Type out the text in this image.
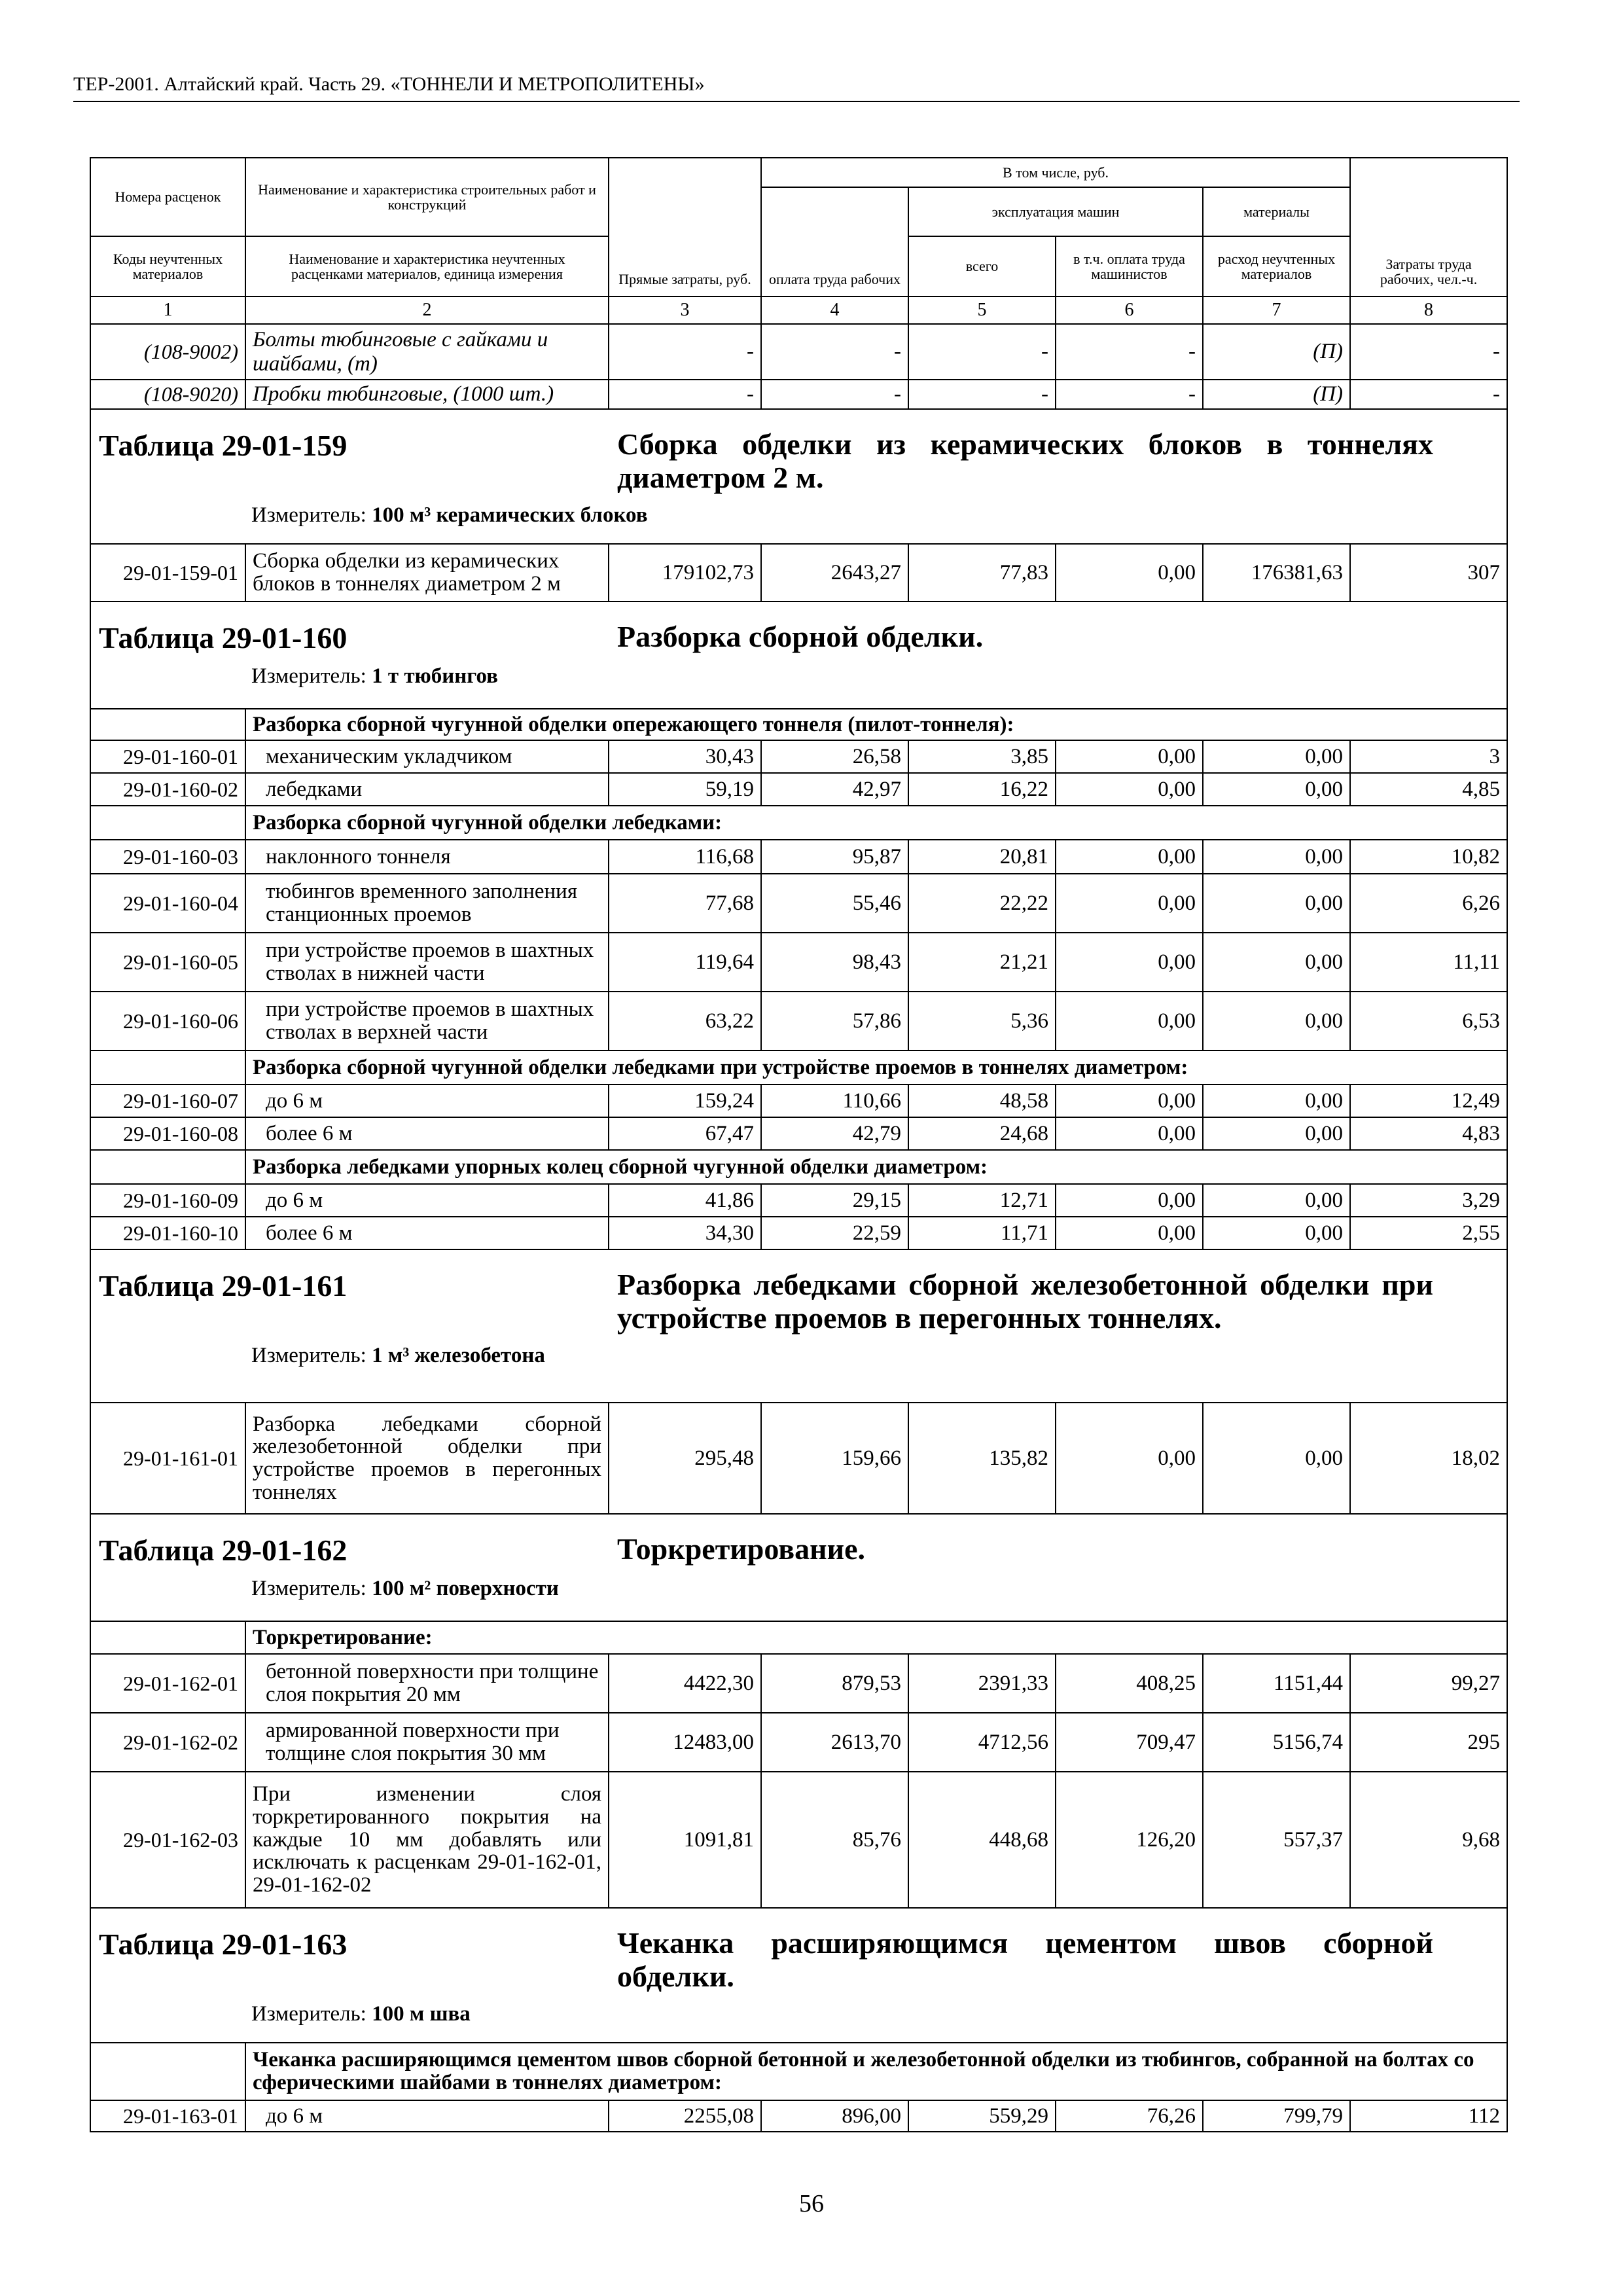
ТЕР-2001. Алтайский край. Часть 29. «ТОННЕЛИ И МЕТРОПОЛИТЕНЫ»
Номера расценок	Наименование и характеристика строительных работ и конструкций	Прямые затраты, руб.	В том числе, руб.				Затраты труда рабочих, чел.-ч.
			оплата труда рабочих	эксплуатация машин		материалы	
Коды неучтенных материалов	Наименование и характеристика неучтенных расценками материалов, единица измерения			всего	в т.ч. оплата труда машинистов	расход неучтенных материалов	
1	2	3	4	5	6	7	8
(108-9002)	Болты тюбинговые с гайками и шайбами, (т)	-	-	-	-	(П)	-
(108-9020)	Пробки тюбинговые, (1000 шт.)	-	-	-	-	(П)	-

Таблица 29-01-159 Сборка обделки из керамических блоков в тоннелях диаметром 2 м.
Измеритель: 100 м³ керамических блоков							

29-01-159-01	Сборка обделки из керамических блоков в тоннелях диаметром 2 м	179102,73	2643,27	77,83	0,00	176381,63	307

Таблица 29-01-160 Разборка сборной обделки.
Измеритель: 1 т тюбингов							

	Разборка сборной чугунной обделки опережающего тоннеля (пилот-тоннеля):						
29-01-160-01	механическим укладчиком	30,43	26,58	3,85	0,00	0,00	3
29-01-160-02	лебедками	59,19	42,97	16,22	0,00	0,00	4,85
	Разборка сборной чугунной обделки лебедками:						
29-01-160-03	наклонного тоннеля	116,68	95,87	20,81	0,00	0,00	10,82
29-01-160-04	тюбингов временного заполнения станционных проемов	77,68	55,46	22,22	0,00	0,00	6,26
29-01-160-05	при устройстве проемов в шахтных стволах в нижней части	119,64	98,43	21,21	0,00	0,00	11,11
29-01-160-06	при устройстве проемов в шахтных стволах в верхней части	63,22	57,86	5,36	0,00	0,00	6,53
	Разборка сборной чугунной обделки лебедками при устройстве проемов в тоннелях диаметром:						
29-01-160-07	до 6 м	159,24	110,66	48,58	0,00	0,00	12,49
29-01-160-08	более 6 м	67,47	42,79	24,68	0,00	0,00	4,83
	Разборка лебедками упорных колец сборной чугунной обделки диаметром:						
29-01-160-09	до 6 м	41,86	29,15	12,71	0,00	0,00	3,29
29-01-160-10	более 6 м	34,30	22,59	11,71	0,00	0,00	2,55

Таблица 29-01-161 Разборка лебедками сборной железобетонной обделки при устройстве проемов в перегонных тоннелях.
Измеритель: 1 м³ железобетона							

29-01-161-01	Разборка лебедками сборной железобетонной обделки при устройстве проемов в перегонных тоннелях	295,48	159,66	135,82	0,00	0,00	18,02

Таблица 29-01-162 Торкретирование.
Измеритель: 100 м² поверхности							

	Торкретирование:						
29-01-162-01	бетонной поверхности при толщине слоя покрытия 20 мм	4422,30	879,53	2391,33	408,25	1151,44	99,27
29-01-162-02	армированной поверхности при толщине слоя покрытия 30 мм	12483,00	2613,70	4712,56	709,47	5156,74	295
29-01-162-03	При изменении слоя торкретированного покрытия на каждые 10 мм добавлять или исключать к расценкам 29-01-162-01, 29-01-162-02	1091,81	85,76	448,68	126,20	557,37	9,68

Таблица 29-01-163 Чеканка расширяющимся цементом швов сборной обделки.
Измеритель: 100 м шва							

	Чеканка расширяющимся цементом швов сборной бетонной и железобетонной обделки из тюбингов, собранной на болтах со сферическими шайбами в тоннелях диаметром:						
29-01-163-01	до 6 м	2255,08	896,00	559,29	76,26	799,79	112
56
